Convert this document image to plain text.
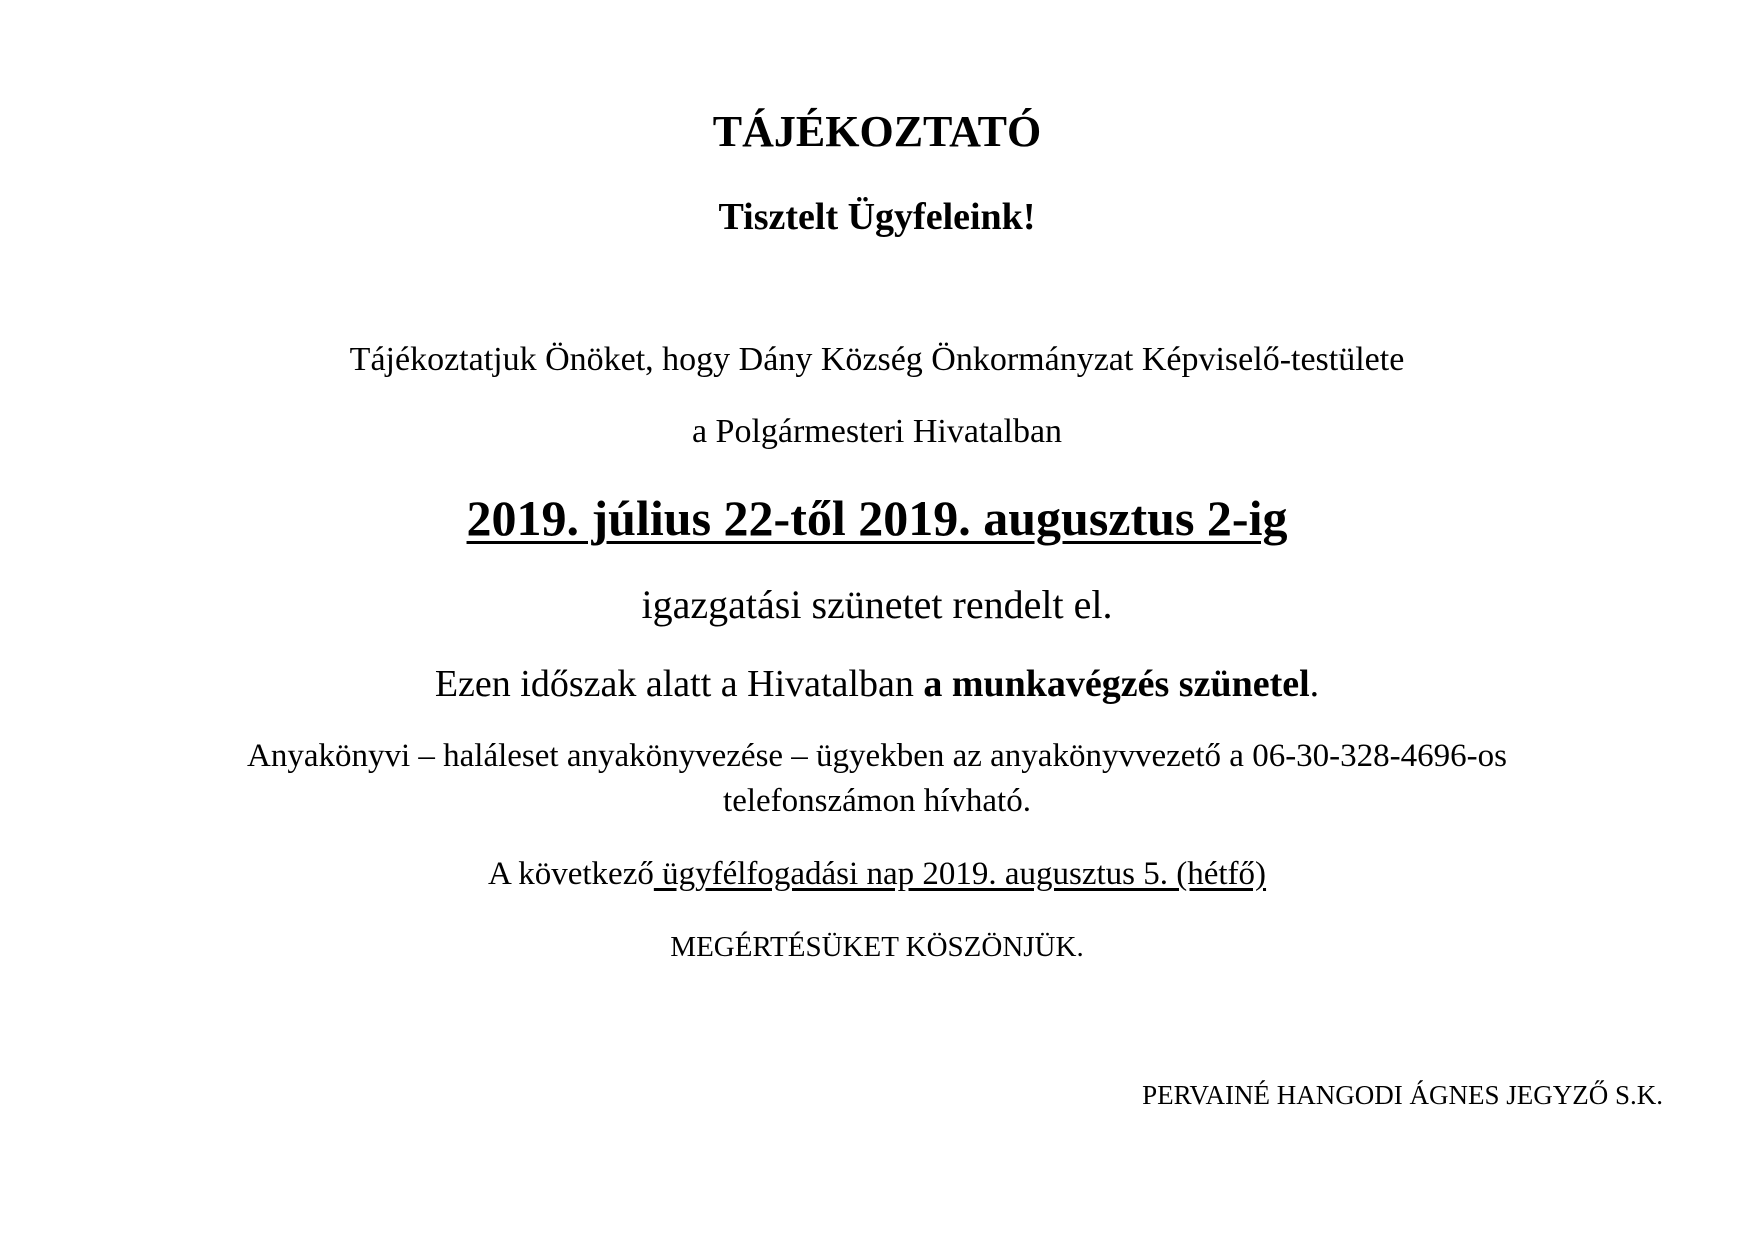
TÁJÉKOZTATÓ
Tisztelt Ügyfeleink!
Tájékoztatjuk Önöket, hogy Dány Község Önkormányzat Képviselő-testülete
a Polgármesteri Hivatalban
2019. július 22-től 2019. augusztus 2-ig
igazgatási szünetet rendelt el.
Ezen időszak alatt a Hivatalban a munkavégzés szünetel.
Anyakönyvi – haláleset anyakönyvezése – ügyekben az anyakönyvvezető a 06-30-328-4696-os
telefonszámon hívható.
A következő ügyfélfogadási nap 2019. augusztus 5. (hétfő)
MEGÉRTÉSÜKET KÖSZÖNJÜK.
PERVAINÉ HANGODI ÁGNES JEGYZŐ S.K.
